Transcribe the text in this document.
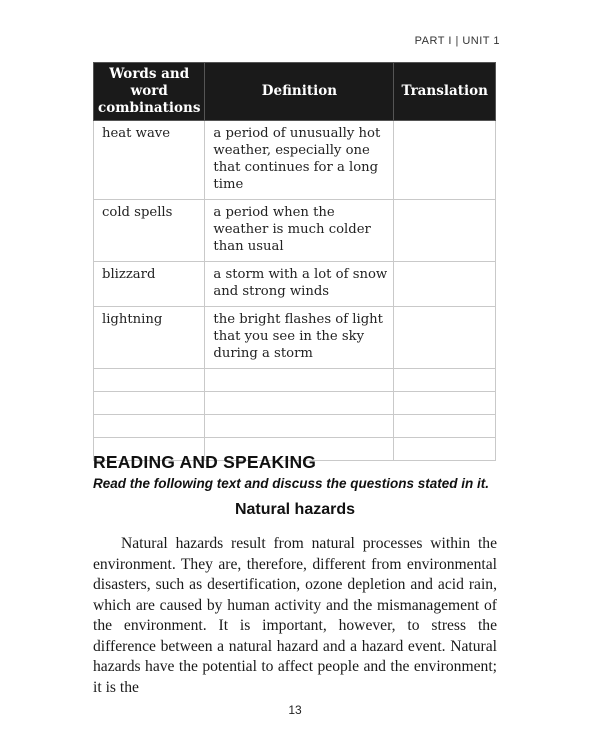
PART I | UNIT 1
Words and word combinations	Definition	Translation
heat wave	a period of unusually hot weather, especially one that continues for a long time	
cold spells	a period when the weather is much colder than usual	
blizzard	a storm with a lot of snow and strong winds	
lightning	the bright flashes of light that you see in the sky during a storm	

READING AND SPEAKING
Read the following text and discuss the questions stated in it.
Natural hazards

Natural hazards result from natural processes within the environment. They are, therefore, different from environmental disasters, such as desertification, ozone depletion and acid rain, which are caused by human activity and the mismanagement of the environment. It is important, however, to stress the difference between a natural hazard and a hazard event. Natural hazards have the potential to affect people and the environment; it is the

13
